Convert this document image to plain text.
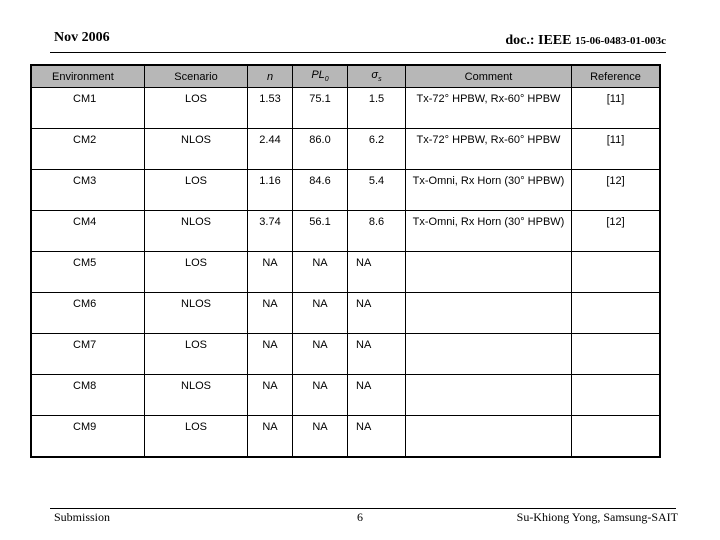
Nov 2006	doc.: IEEE 15-06-0483-01-003c
Environment	Scenario	n	$PL_0$	$\sigma_s$	Comment	Reference
CM1	LOS	1.53	75.1	1.5	Tx-72° HPBW, Rx-60° HPBW	[11]
CM2	NLOS	2.44	86.0	6.2	Tx-72° HPBW, Rx-60° HPBW	[11]
CM3	LOS	1.16	84.6	5.4	Tx-Omni, Rx Horn (30° HPBW)	[12]
CM4	NLOS	3.74	56.1	8.6	Tx-Omni, Rx Horn (30° HPBW)	[12]
CM5	LOS	NA	NA	NA		
CM6	NLOS	NA	NA	NA		
CM7	LOS	NA	NA	NA		
CM8	NLOS	NA	NA	NA		
CM9	LOS	NA	NA	NA		
Submission	6	Su-Khiong Yong, Samsung-SAIT
